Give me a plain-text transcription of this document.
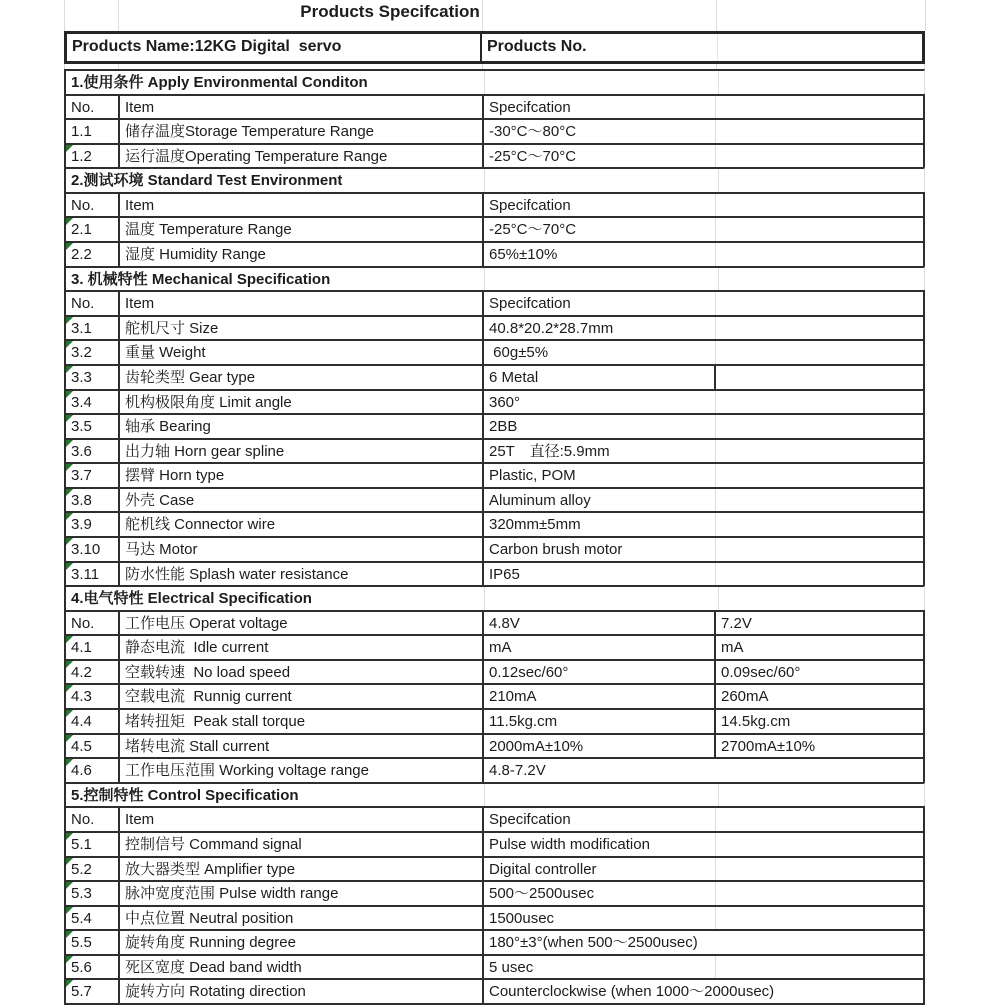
Products Specifcation
Products Name:12KG Digital  servo	Products No.
1.使用条件 Apply Environmental Conditon
No.	Item	Specifcation
1.1	储存温度Storage Temperature Range	-30°C～80°C
1.2	运行温度Operating Temperature Range	-25°C～70°C
2.测试环境 Standard Test Environment
No.	Item	Specifcation
2.1	温度 Temperature Range	-25°C～70°C
2.2	湿度 Humidity Range	65%±10%
3. 机械特性 Mechanical Specification
No.	Item	Specifcation
3.1	舵机尺寸 Size	40.8*20.2*28.7mm
3.2	重量 Weight	60g±5%
3.3	齿轮类型 Gear type	6 Metal
3.4	机构极限角度 Limit angle	360°
3.5	轴承 Bearing	2BB
3.6	出力轴 Horn gear spline	25T　直径:5.9mm
3.7	摆臂 Horn type	Plastic, POM
3.8	外壳 Case	Aluminum alloy
3.9	舵机线 Connector wire	320mm±5mm
3.10	马达 Motor	Carbon brush motor
3.11	防水性能 Splash water resistance	IP65
4.电气特性 Electrical Specification
No.	工作电压 Operat voltage	4.8V	7.2V
4.1	静态电流  Idle current	mA	mA
4.2	空载转速  No load speed	0.12sec/60°	0.09sec/60°
4.3	空载电流  Runnig current	210mA	260mA
4.4	堵转扭矩  Peak stall torque	11.5kg.cm	14.5kg.cm
4.5	堵转电流 Stall current	2000mA±10%	2700mA±10%
4.6	工作电压范围 Working voltage range	4.8-7.2V
5.控制特性 Control Specification
No.	Item	Specifcation
5.1	控制信号 Command signal	Pulse width modification
5.2	放大器类型 Amplifier type	Digital controller
5.3	脉冲宽度范围 Pulse width range	500～2500usec
5.4	中点位置 Neutral position	1500usec
5.5	旋转角度 Running degree	180°±3°(when 500～2500usec)
5.6	死区宽度 Dead band width	5 usec
5.7	旋转方向 Rotating direction	Counterclockwise (when 1000～2000usec)
